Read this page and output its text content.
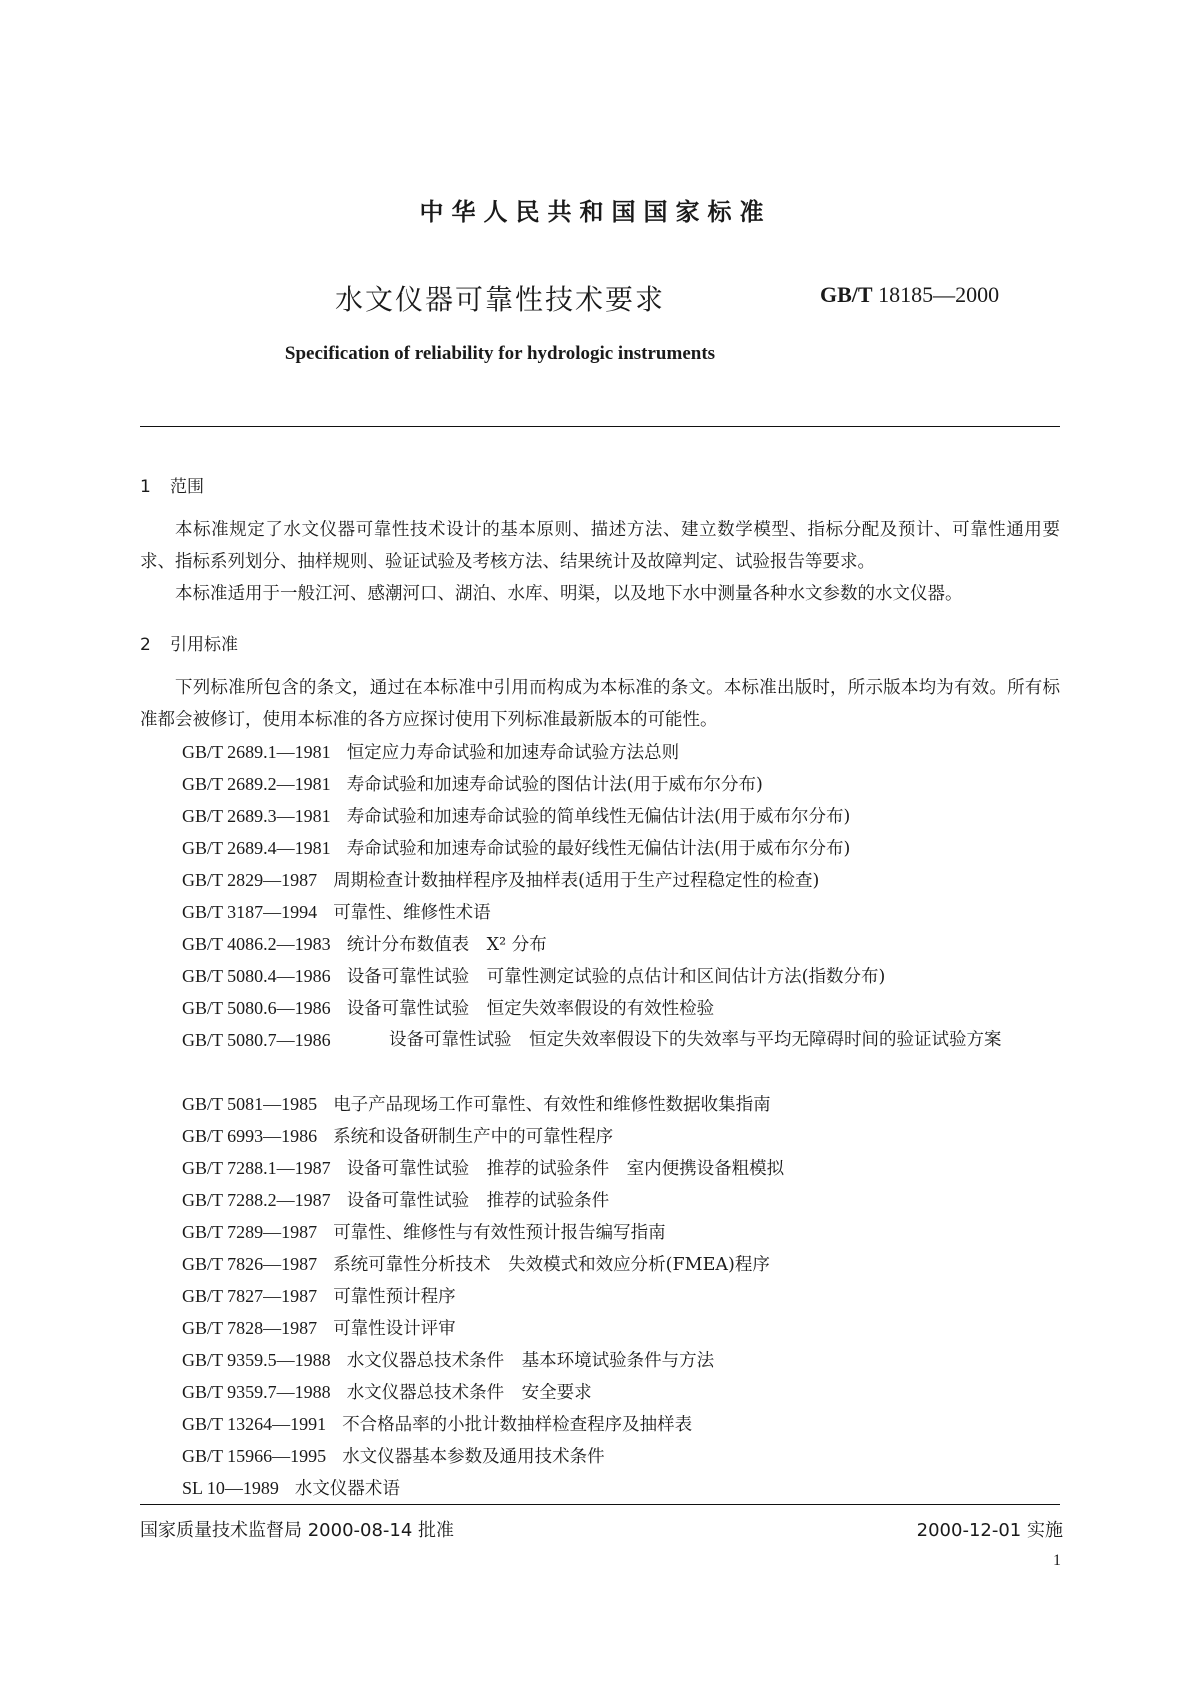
中华人民共和国国家标准
水文仪器可靠性技术要求	GB/T 18185—2000
Specification of reliability for hydrologic instruments
1 范围
本标准规定了水文仪器可靠性技术设计的基本原则、描述方法、建立数学模型、指标分配及预计、可靠性通用要求、指标系列划分、抽样规则、验证试验及考核方法、结果统计及故障判定、试验报告等要求。
本标准适用于一般江河、感潮河口、湖泊、水库、明渠，以及地下水中测量各种水文参数的水文仪器。
2 引用标准
下列标准所包含的条文，通过在本标准中引用而构成为本标准的条文。本标准出版时，所示版本均为有效。所有标准都会被修订，使用本标准的各方应探讨使用下列标准最新版本的可能性。
GB/T 2689.1—1981 恒定应力寿命试验和加速寿命试验方法总则
GB/T 2689.2—1981 寿命试验和加速寿命试验的图估计法(用于威布尔分布)
GB/T 2689.3—1981 寿命试验和加速寿命试验的简单线性无偏估计法(用于威布尔分布)
GB/T 2689.4—1981 寿命试验和加速寿命试验的最好线性无偏估计法(用于威布尔分布)
GB/T 2829—1987 周期检查计数抽样程序及抽样表(适用于生产过程稳定性的检查)
GB/T 3187—1994 可靠性、维修性术语
GB/T 4086.2—1983 统计分布数值表　X² 分布
GB/T 5080.4—1986 设备可靠性试验　可靠性测定试验的点估计和区间估计方法(指数分布)
GB/T 5080.6—1986 设备可靠性试验　恒定失效率假设的有效性检验
GB/T 5080.7—1986	设备可靠性试验　恒定失效率假设下的失效率与平均无障碍时间的验证试验方案
GB/T 5081—1985 电子产品现场工作可靠性、有效性和维修性数据收集指南
GB/T 6993—1986 系统和设备研制生产中的可靠性程序
GB/T 7288.1—1987 设备可靠性试验　推荐的试验条件　室内便携设备粗模拟
GB/T 7288.2—1987 设备可靠性试验　推荐的试验条件
GB/T 7289—1987 可靠性、维修性与有效性预计报告编写指南
GB/T 7826—1987 系统可靠性分析技术　失效模式和效应分析(FMEA)程序
GB/T 7827—1987 可靠性预计程序
GB/T 7828—1987 可靠性设计评审
GB/T 9359.5—1988 水文仪器总技术条件　基本环境试验条件与方法
GB/T 9359.7—1988 水文仪器总技术条件　安全要求
GB/T 13264—1991 不合格品率的小批计数抽样检查程序及抽样表
GB/T 15966—1995 水文仪器基本参数及通用技术条件
SL 10—1989 水文仪器术语
国家质量技术监督局 2000-08-14 批准	2000-12-01 实施
1
